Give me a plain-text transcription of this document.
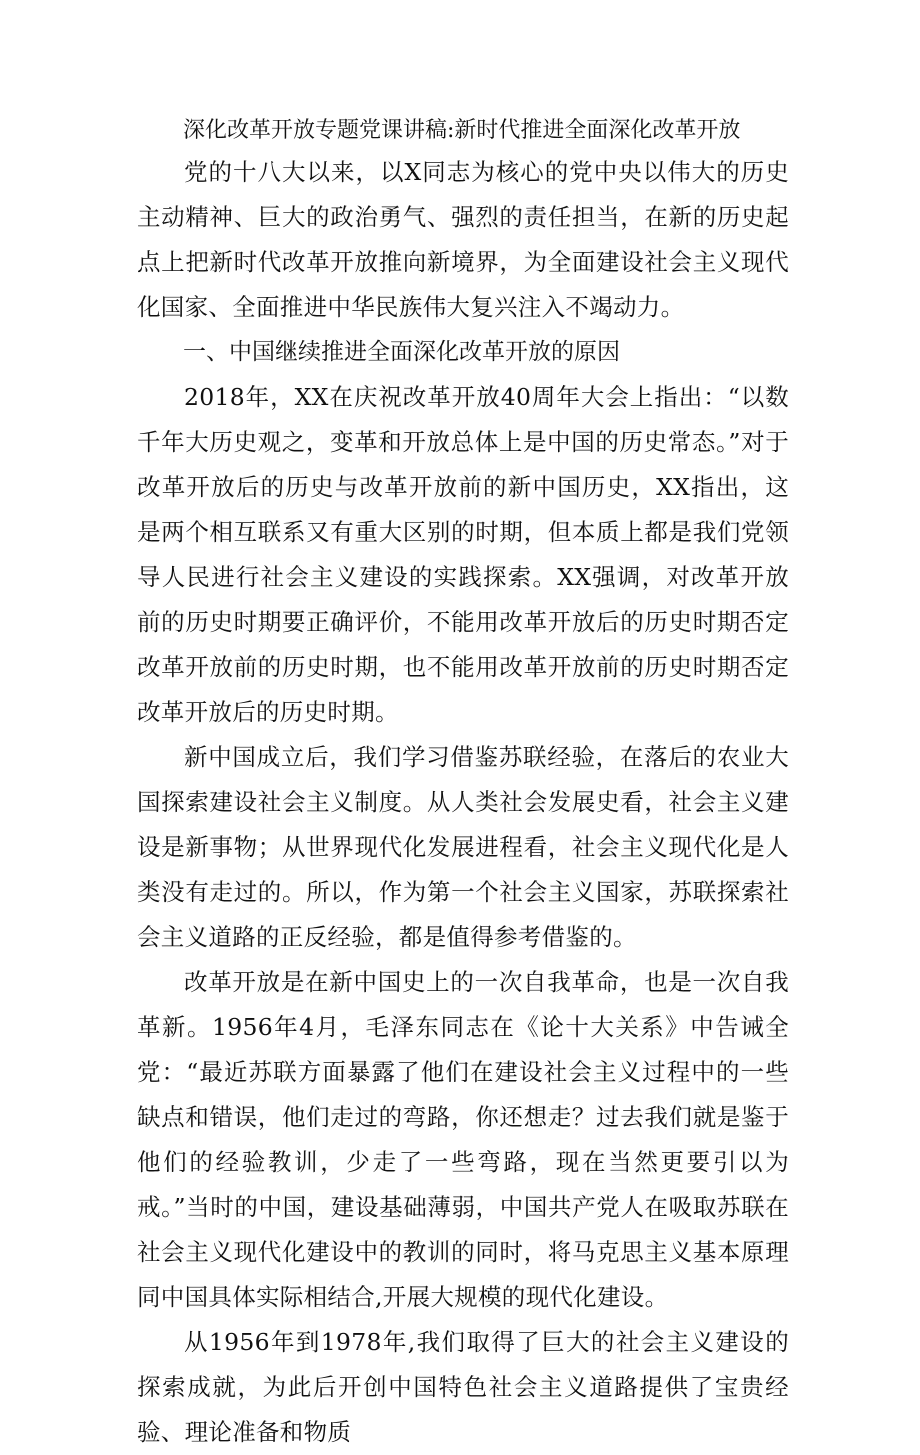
深化改革开放专题党课讲稿:新时代推进全面深化改革开放

党的十八大以来，以X同志为核心的党中央以伟大的历史主动精神、巨大的政治勇气、强烈的责任担当，在新的历史起点上把新时代改革开放推向新境界，为全面建设社会主义现代化国家、全面推进中华民族伟大复兴注入不竭动力。

一、中国继续推进全面深化改革开放的原因

2018年，XX在庆祝改革开放40周年大会上指出：“以数千年大历史观之，变革和开放总体上是中国的历史常态。”对于改革开放后的历史与改革开放前的新中国历史，XX指出，这是两个相互联系又有重大区别的时期，但本质上都是我们党领导人民进行社会主义建设的实践探索。XX强调，对改革开放前的历史时期要正确评价，不能用改革开放后的历史时期否定改革开放前的历史时期，也不能用改革开放前的历史时期否定改革开放后的历史时期。

新中国成立后，我们学习借鉴苏联经验，在落后的农业大国探索建设社会主义制度。从人类社会发展史看，社会主义建设是新事物；从世界现代化发展进程看，社会主义现代化是人类没有走过的。所以，作为第一个社会主义国家，苏联探索社会主义道路的正反经验，都是值得参考借鉴的。

改革开放是在新中国史上的一次自我革命，也是一次自我革新。1956年4月，毛泽东同志在《论十大关系》中告诫全党：“最近苏联方面暴露了他们在建设社会主义过程中的一些缺点和错误，他们走过的弯路，你还想走？过去我们就是鉴于他们的经验教训，少走了一些弯路，现在当然更要引以为戒。”当时的中国，建设基础薄弱，中国共产党人在吸取苏联在社会主义现代化建设中的教训的同时，将马克思主义基本原理同中国具体实际相结合,开展大规模的现代化建设。

从1956年到1978年,我们取得了巨大的社会主义建设的探索成就，为此后开创中国特色社会主义道路提供了宝贵经验、理论准备和物质
